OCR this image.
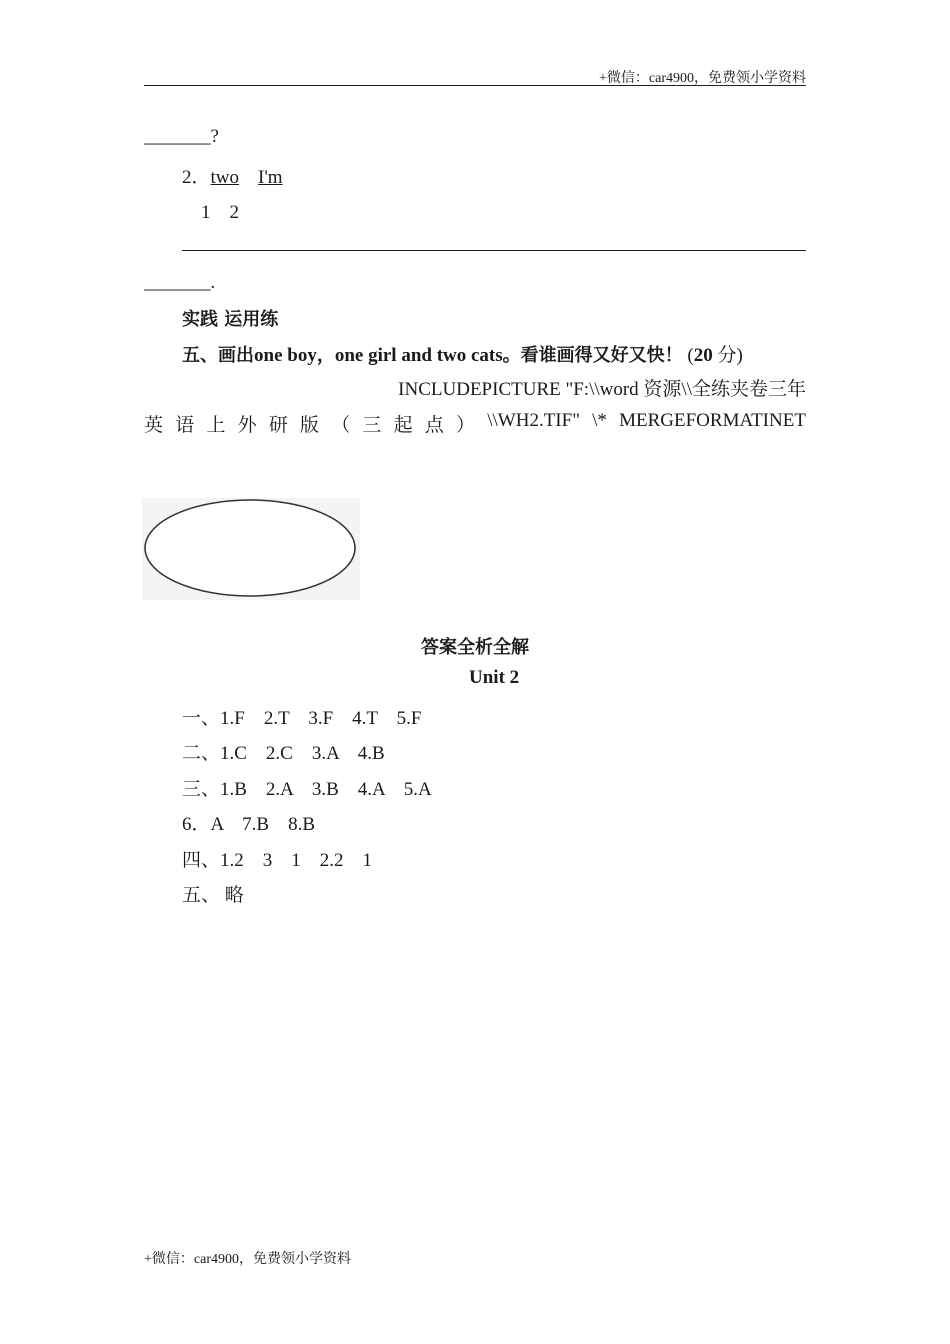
+微信：car4900，免费领小学资料
_______?
2．two I'm
1　2
_______.
实践 运用练
五、画出one boy，one girl and two cats。看谁画得又好又快！ (20 分)
INCLUDEPICTURE "F:\\word 资源\\全练夹卷三年
英 语 上 外 研 版 （ 三 起 点 ） \\WH2.TIF" \* MERGEFORMATINET
答案全析全解
Unit 2
一、1.F　2.T　3.F　4.T　5.F
二、1.C　2.C　3.A　4.B
三、1.B　2.A　3.B　4.A　5.A
6．A　7.B　8.B
四、1.2　3　1　2.2　1
五、 略
+微信：car4900，免费领小学资料
